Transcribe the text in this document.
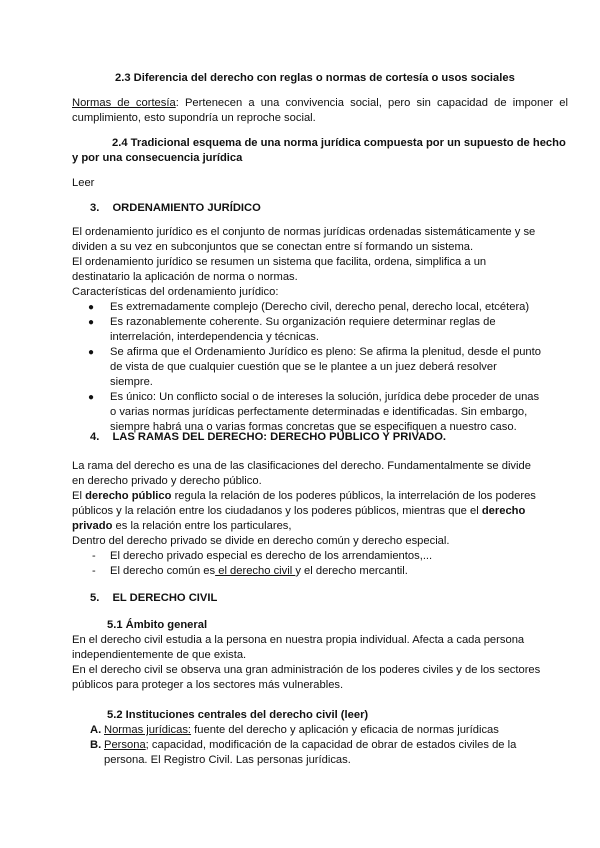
2.3 Diferencia del derecho con reglas o normas de cortesía o usos sociales
Normas de cortesía: Pertenecen a una convivencia social, pero sin capacidad de imponer el cumplimiento, esto supondría un reproche social.
2.4 Tradicional esquema de una norma jurídica compuesta por un supuesto de hecho y por una consecuencia jurídica
Leer
3. ORDENAMIENTO JURÍDICO
El ordenamiento jurídico es el conjunto de normas jurídicas ordenadas sistemáticamente y se dividen a su vez en subconjuntos que se conectan entre sí formando un sistema.
El ordenamiento jurídico se resumen un sistema que facilita, ordena, simplifica a un destinatario la aplicación de norma o normas.
Características del ordenamiento jurídico:
● Es extremadamente complejo (Derecho civil, derecho penal, derecho local, etcétera)
● Es razonablemente coherente. Su organización requiere determinar reglas de interrelación, interdependencia y técnicas.
● Se afirma que el Ordenamiento Jurídico es pleno: Se afirma la plenitud, desde el punto de vista de que cualquier cuestión que se le plantee a un juez deberá resolver siempre.
● Es único: Un conflicto social o de intereses la solución, jurídica debe proceder de unas o varias normas jurídicas perfectamente determinadas e identificadas. Sin embargo, siempre habrá una o varias formas concretas que se especifiquen a nuestro caso.
4. LAS RAMAS DEL DERECHO: DERECHO PÚBLICO Y PRIVADO.
La rama del derecho es una de las clasificaciones del derecho. Fundamentalmente se divide en derecho privado y derecho público.
El derecho público regula la relación de los poderes públicos, la interrelación de los poderes públicos y la relación entre los ciudadanos y los poderes públicos, mientras que el derecho privado es la relación entre los particulares,
Dentro del derecho privado se divide en derecho común y derecho especial.
- El derecho privado especial es derecho de los arrendamientos,...
- El derecho común es el derecho civil y el derecho mercantil.
5. EL DERECHO CIVIL
5.1 Ámbito general
En el derecho civil estudia a la persona en nuestra propia individual. Afecta a cada persona independientemente de que exista.
En el derecho civil se observa una gran administración de los poderes civiles y de los sectores públicos para proteger a los sectores más vulnerables.
5.2 Instituciones centrales del derecho civil (leer)
A. Normas jurídicas: fuente del derecho y aplicación y eficacia de normas jurídicas
B. Persona; capacidad, modificación de la capacidad de obrar de estados civiles de la persona. El Registro Civil. Las personas jurídicas.
